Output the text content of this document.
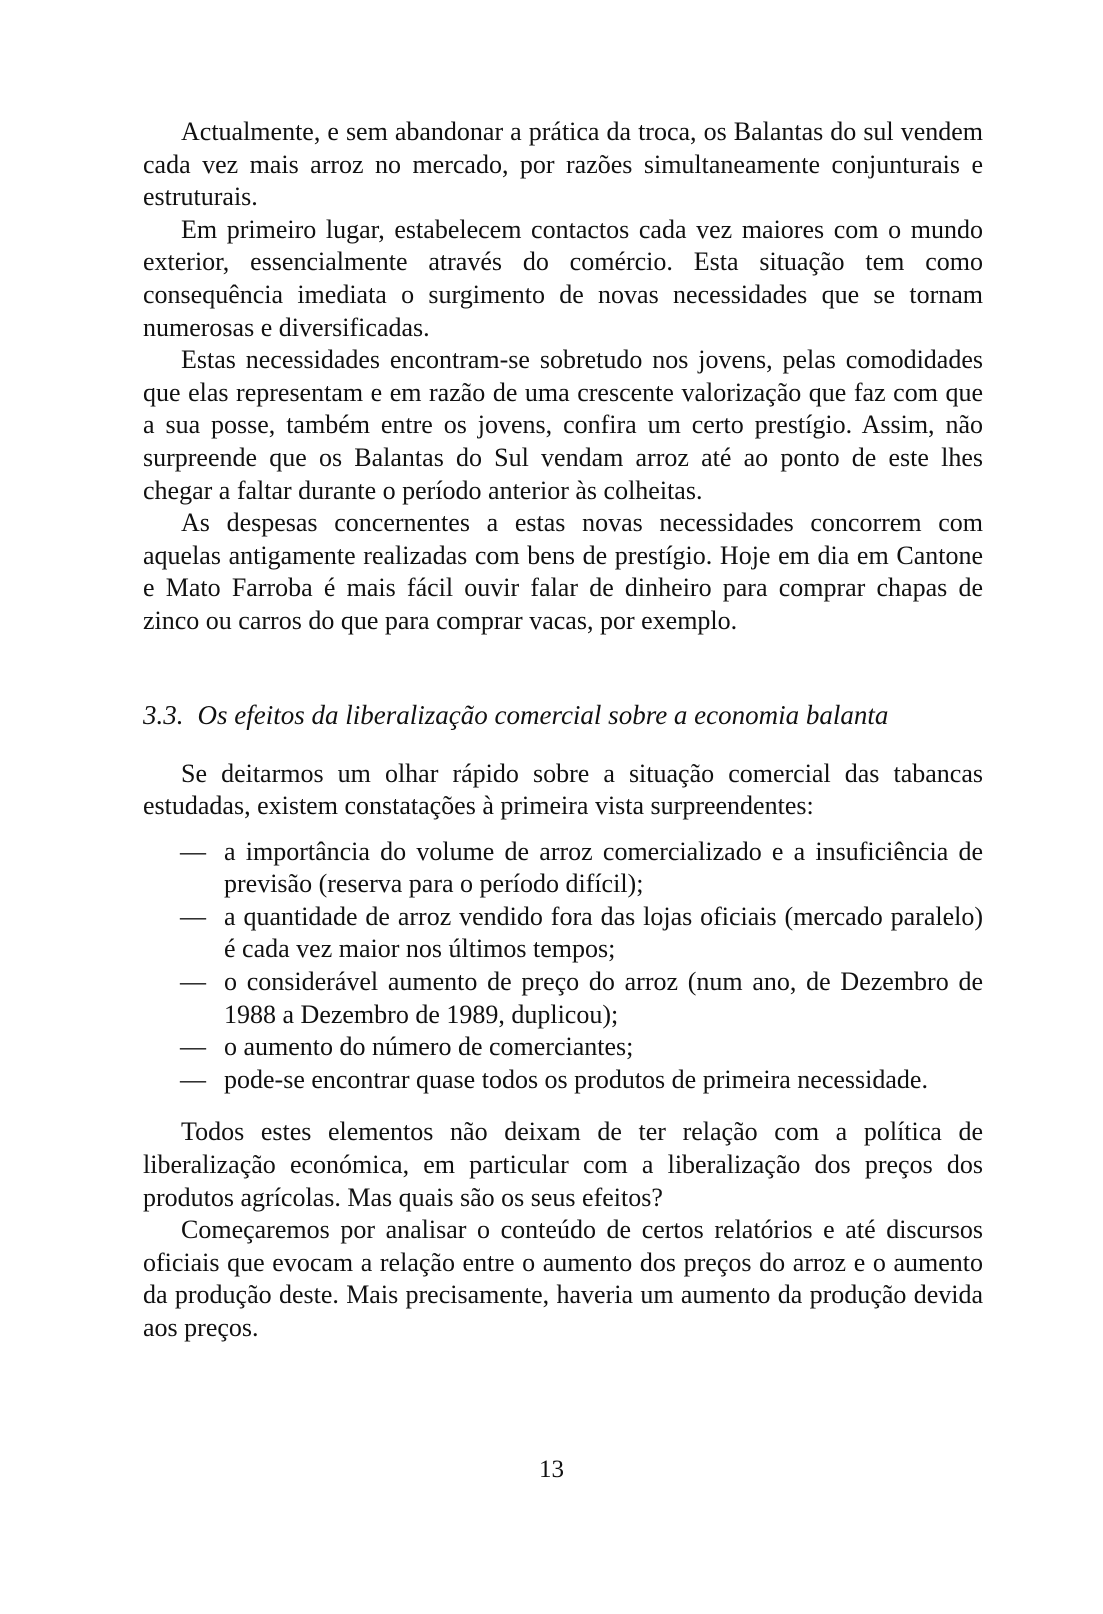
Actualmente, e sem abandonar a prática da troca, os Balantas do sul vendem cada vez mais arroz no mercado, por razões simultaneamente conjunturais e estruturais.

Em primeiro lugar, estabelecem contactos cada vez maiores com o mundo exterior, essencialmente através do comércio. Esta situação tem como consequência imediata o surgimento de novas necessidades que se tornam numerosas e diversificadas.

Estas necessidades encontram-se sobretudo nos jovens, pelas comodidades que elas representam e em razão de uma crescente valorização que faz com que a sua posse, também entre os jovens, confira um certo prestígio. Assim, não surpreende que os Balantas do Sul vendam arroz até ao ponto de este lhes chegar a faltar durante o período anterior às colheitas.

As despesas concernentes a estas novas necessidades concorrem com aquelas antigamente realizadas com bens de prestígio. Hoje em dia em Cantone e Mato Farroba é mais fácil ouvir falar de dinheiro para comprar chapas de zinco ou carros do que para comprar vacas, por exemplo.

3.3. Os efeitos da liberalização comercial sobre a economia balanta

Se deitarmos um olhar rápido sobre a situação comercial das tabancas estudadas, existem constatações à primeira vista surpreendentes:

— a importância do volume de arroz comercializado e a insuficiência de previsão (reserva para o período difícil);
— a quantidade de arroz vendido fora das lojas oficiais (mercado paralelo) é cada vez maior nos últimos tempos;
— o considerável aumento de preço do arroz (num ano, de Dezembro de 1988 a Dezembro de 1989, duplicou);
— o aumento do número de comerciantes;
— pode-se encontrar quase todos os produtos de primeira necessidade.

Todos estes elementos não deixam de ter relação com a política de liberalização económica, em particular com a liberalização dos preços dos produtos agrícolas. Mas quais são os seus efeitos?

Começaremos por analisar o conteúdo de certos relatórios e até discursos oficiais que evocam a relação entre o aumento dos preços do arroz e o aumento da produção deste. Mais precisamente, haveria um aumento da produção devida aos preços.

13
